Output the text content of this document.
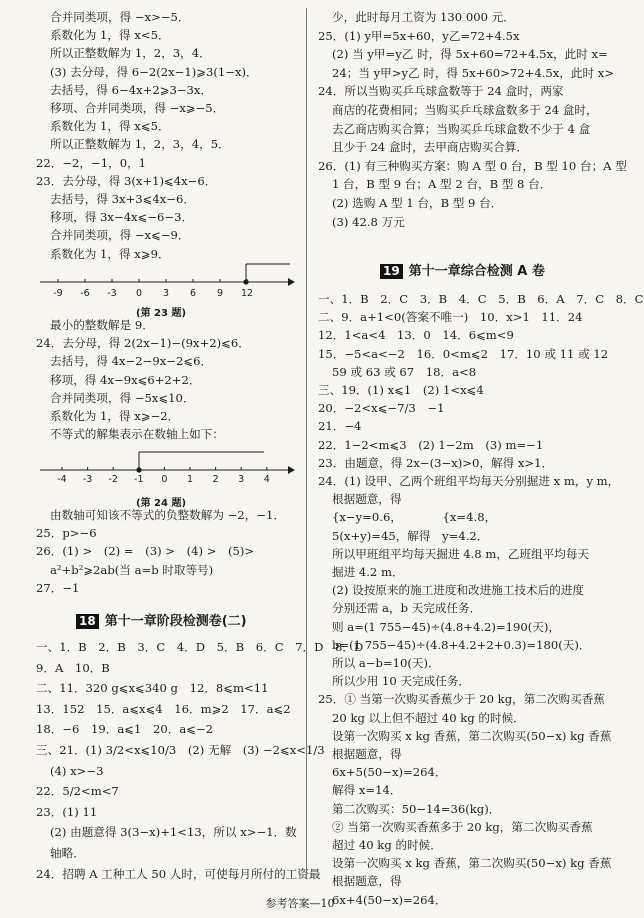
合并同类项，得 −x>−5．
系数化为 1，得 x<5．
所以正整数解为 1，2，3，4．
(3) 去分母，得 6−2(2x−1)⩾3(1−x)．
去括号，得 6−4x+2⩾3−3x．
移项、合并同类项，得 −x⩾−5．
系数化为 1，得 x⩽5．
所以正整数解为 1，2，3，4，5．
22．−2，−1，0，1
23．去分母，得 3(x+1)⩽4x−6．
去括号，得 3x+3⩽4x−6．
移项，得 3x−4x⩽−6−3．
合并同类项，得 −x⩽−9．
系数化为 1，得 x⩾9．
-9 -6 -3 0 3 6 9 12
(第 23 题)
最小的整数解是 9．
24．去分母，得 2(2x−1)−(9x+2)⩽6．
去括号，得 4x−2−9x−2⩽6．
移项，得 4x−9x⩽6+2+2．
合并同类项，得 −5x⩽10．
系数化为 1，得 x⩾−2．
不等式的解集表示在数轴上如下：
-4 -3 -2 -1 0 1 2 3 4
(第 24 题)
由数轴可知该不等式的负整数解为 −2，−1．
25．p>−6
26．(1) >　(2) =　(3) >　(4) >　(5)>
a²+b²⩾2ab(当 a=b 时取等号)
27．−1
18 第十一章阶段检测卷(二)
一、1．B　2．B　3．C　4．D　5．B　6．C　7．D　8．D
9．A　10．B
二、11．320 g⩽x⩽340 g　12．8⩽m<11
13．152　15．a⩽x⩽4　16．m⩾2　17．a⩽2
18．−6　19．a⩽1　20．a⩽−2
三、21．(1) 3/2<x⩽10/3　(2) 无解　(3) −2⩽x<1/3
(4) x>−3
22．5/2<m<7
23．(1) 11
(2) 由题意得 3(3−x)+1<13，所以 x>−1．数
轴略．
24．招聘 A 工种工人 50 人时，可使每月所付的工资最
少，此时每月工资为 130 000 元．
25．(1) y甲=5x+60，y乙=72+4.5x
(2) 当 y甲=y乙 时，得 5x+60=72+4.5x，此时 x=
24；当 y甲>y乙 时，得 5x+60>72+4.5x，此时 x>
24．所以当购买乒乓球盒数等于 24 盒时，两家
商店的花费相同；当购买乒乓球盒数多于 24 盒时，
去乙商店购买合算；当购买乒乓球盒数不少于 4 盒
且少于 24 盒时，去甲商店购买合算．
26．(1) 有三种购买方案：购 A 型 0 台，B 型 10 台；A 型
1 台，B 型 9 台；A 型 2 台，B 型 8 台．
(2) 选购 A 型 1 台，B 型 9 台．
(3) 42.8 万元
19 第十一章综合检测 A 卷
一、1．B　2．C　3．B　4．C　5．B　6．A　7．C　8．C
二、9．a+1<0(答案不唯一)　10．x>1　11．24
12．1<a<4　13．0　14．6⩽m<9
15．−5<a<−2　16．0<m⩽2　17．10 或 11 或 12
59 或 63 或 67　18．a<8
三、19．(1) x⩽1　(2) 1<x⩽4
20．−2<x⩽−7/3　−1
21．−4
22．1−2<m⩽3　(2) 1−2m　(3) m=−1
23．由题意，得 2x−(3−x)>0，解得 x>1．
24．(1) 设甲、乙两个班组平均每天分别掘进 x m，y m，
根据题意，得
{x−y=0.6，　　　　{x=4.8，
5(x+y)=45，解得　y=4.2．
所以甲班组平均每天掘进 4.8 m，乙班组平均每天
掘进 4.2 m．
(2) 设按原来的施工进度和改进施工技术后的进度
分别还需 a，b 天完成任务．
则 a=(1 755−45)÷(4.8+4.2)=190(天)，
b=(1 755−45)÷(4.8+4.2+2+0.3)=180(天)．
所以 a−b=10(天)．
所以少用 10 天完成任务．
25．① 当第一次购买香蕉少于 20 kg，第二次购买香蕉
20 kg 以上但不超过 40 kg 的时候．
设第一次购买 x kg 香蕉，第二次购买(50−x) kg 香蕉
根据题意，得
6x+5(50−x)=264．
解得 x=14．
第二次购买：50−14=36(kg)．
② 当第一次购买香蕉多于 20 kg，第二次购买香蕉
超过 40 kg 的时候．
设第一次购买 x kg 香蕉，第二次购买(50−x) kg 香蕉
根据题意，得
6x+4(50−x)=264．
参考答案—10
